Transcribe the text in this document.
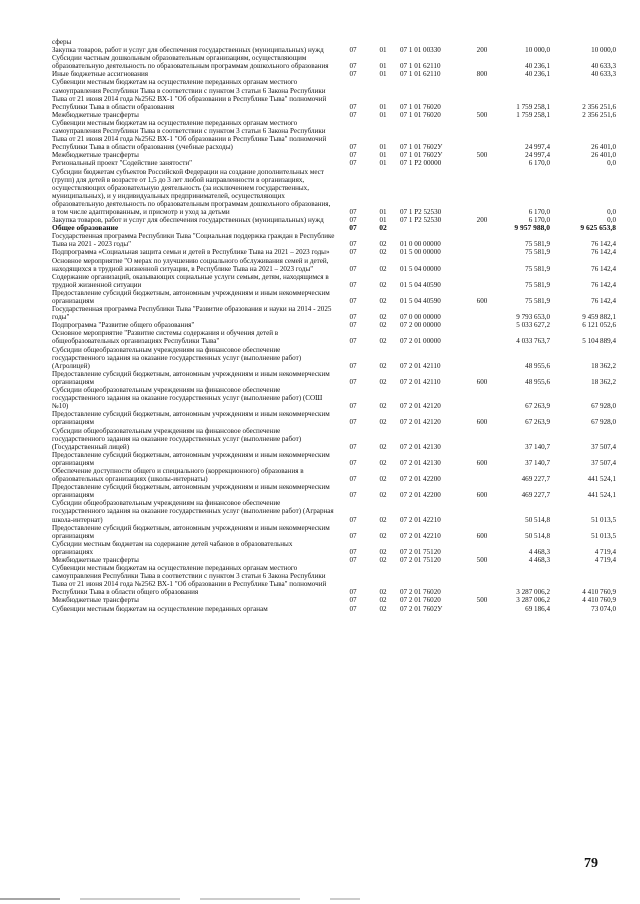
сферы						
Закупка товаров, работ и услуг для обеспечения государственных (муниципальных) нужд	07	01	07 1 01 00330	200	10 000,0	10 000,0
Субсидии частным дошкольным образовательным организациям, осуществляющим образовательную деятельность по образовательным программам дошкольного образования	07	01	07 1 01 62110		40 236,1	40 633,3
Иные бюджетные ассигнования	07	01	07 1 01 62110	800	40 236,1	40 633,3
Субвенции местным бюджетам на осуществление переданных органам местного самоуправления Республики Тыва в соответствии с пунктом 3 статьи 6 Закона Республики Тыва от 21 июня 2014 года №2562 ВХ-1 "Об образовании в Республике Тыва" полномочий Республики Тыва в области образования	07	01	07 1 01 76020		1 759 258,1	2 356 251,6
Межбюджетные трансферты	07	01	07 1 01 76020	500	1 759 258,1	2 356 251,6
Субвенции местным бюджетам на осуществление переданных органам местного самоуправления Республики Тыва в соответствии с пунктом 3 статьи 6 Закона Республики Тыва от 21 июня 2014 года №2562 ВХ-1 "Об образовании в Республике Тыва" полномочий Республики Тыва в области образования (учебные расходы)	07	01	07 1 01 7602У		24 997,4	26 401,0
Межбюджетные трансферты	07	01	07 1 01 7602У	500	24 997,4	26 401,0
Региональный проект "Содействие занятости"	07	01	07 1 P2 00000		6 170,0	0,0
Субсидии бюджетам субъектов Российской Федерации на создание дополнительных мест (групп) для детей в возрасте от 1,5 до 3 лет любой направленности в организациях, осуществляющих образовательную деятельность (за исключением государственных, муниципальных), и у индивидуальных предпринимателей, осуществляющих образовательную деятельность по образовательным программам дошкольного образования, в том числе адаптированным, и присмотр и уход за детьми	07	01	07 1 P2 52530		6 170,0	0,0
Закупка товаров, работ и услуг для обеспечения государственных (муниципальных) нужд	07	01	07 1 P2 52530	200	6 170,0	0,0
Общее образование	07	02			9 957 988,0	9 625 653,8
Государственная программа Республики Тыва "Социальная поддержка граждан в Республике Тыва на 2021 - 2023 годы"	07	02	01 0 00 00000		75 581,9	76 142,4
Подпрограмма «Социальная защита семьи и детей в Республике Тыва на 2021 – 2023 годы»	07	02	01 5 00 00000		75 581,9	76 142,4
Основное мероприятие "О мерах по улучшению социального обслуживания семей и детей, находящихся в трудной жизненной ситуации, в Республике Тыва на 2021 – 2023 годы"	07	02	01 5 04 00000		75 581,9	76 142,4
Содержание организаций, оказывающих социальные услуги семьям, детям, находящимся в трудной жизненной ситуации	07	02	01 5 04 40590		75 581,9	76 142,4
Предоставление субсидий бюджетным, автономным учреждениям и иным некоммерческим организациям	07	02	01 5 04 40590	600	75 581,9	76 142,4
Государственная программа Республики Тыва "Развитие образования и науки на 2014 - 2025 годы"	07	02	07 0 00 00000		9 793 653,0	9 459 882,1
Подпрограмма "Развитие общего образования"	07	02	07 2 00 00000		5 033 627,2	6 121 052,6
Основное мероприятие "Развитие системы содержания и обучения детей в общеобразовательных организациях Республики Тыва"	07	02	07 2 01 00000		4 033 763,7	5 104 889,4
Субсидии общеобразовательным учреждениям на финансовое обеспечение государственного задания на оказание государственных услуг (выполнение работ) (Агролицей)	07	02	07 2 01 42110		48 955,6	18 362,2
Предоставление субсидий бюджетным, автономным учреждениям и иным некоммерческим организациям	07	02	07 2 01 42110	600	48 955,6	18 362,2
Субсидии общеобразовательным учреждениям на финансовое обеспечение государственного задания на оказание государственных услуг (выполнение работ) (СОШ №10)	07	02	07 2 01 42120		67 263,9	67 928,0
Предоставление субсидий бюджетным, автономным учреждениям и иным некоммерческим организациям	07	02	07 2 01 42120	600	67 263,9	67 928,0
Субсидии общеобразовательным учреждениям на финансовое обеспечение государственного задания на оказание государственных услуг (выполнение работ) (Государственный лицей)	07	02	07 2 01 42130		37 140,7	37 507,4
Предоставление субсидий бюджетным, автономным учреждениям и иным некоммерческим организациям	07	02	07 2 01 42130	600	37 140,7	37 507,4
Обеспечение доступности общего и специального (коррекционного) образования в образовательных организациях (школы-интернаты)	07	02	07 2 01 42200		469 227,7	441 524,1
Предоставление субсидий бюджетным, автономным учреждениям и иным некоммерческим организациям	07	02	07 2 01 42200	600	469 227,7	441 524,1
Субсидии общеобразовательным учреждениям на финансовое обеспечение государственного задания на оказание государственных услуг (выполнение работ) (Аграрная школа-интернат)	07	02	07 2 01 42210		50 514,8	51 013,5
Предоставление субсидий бюджетным, автономным учреждениям и иным некоммерческим организациям	07	02	07 2 01 42210	600	50 514,8	51 013,5
Субсидии местным бюджетам на содержание детей чабанов в образовательных организациях	07	02	07 2 01 75120		4 468,3	4 719,4
Межбюджетные трансферты	07	02	07 2 01 75120	500	4 468,3	4 719,4
Субвенции местным бюджетам на осуществление переданных органам местного самоуправления Республики Тыва в соответствии с пунктом 3 статьи 6 Закона Республики Тыва от 21 июня 2014 года №2562 ВХ-1 "Об образовании в Республике Тыва" полномочий Республики Тыва в области общего образования	07	02	07 2 01 76020		3 287 006,2	4 410 760,9
Межбюджетные трансферты	07	02	07 2 01 76020	500	3 287 006,2	4 410 760,9
Субвенции местным бюджетам на осуществление переданных органам	07	02	07 2 01 7602У		69 186,4	73 074,0
79
